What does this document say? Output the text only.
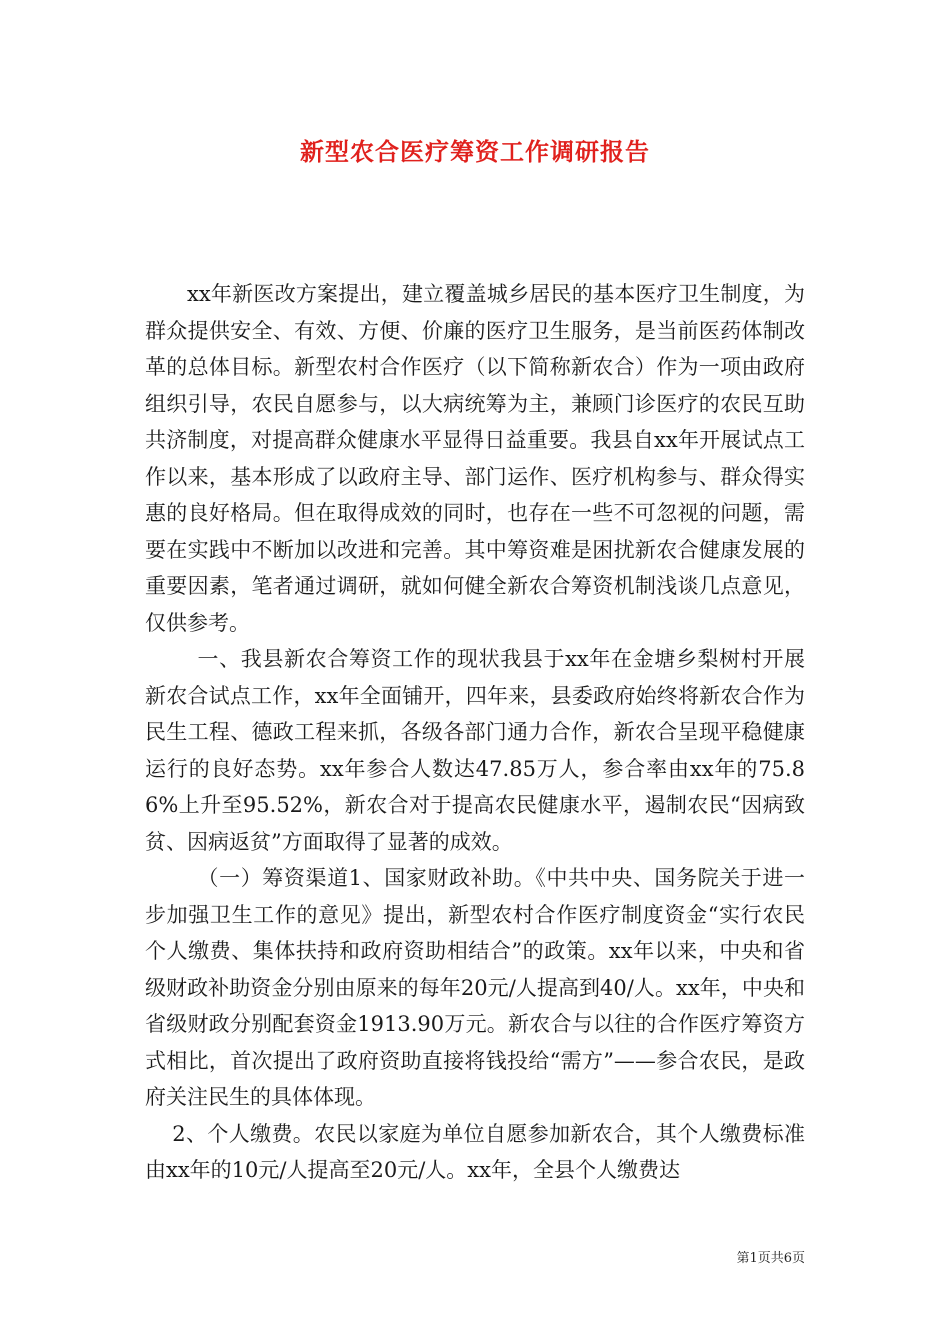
新型农合医疗筹资工作调研报告

xx年新医改方案提出，建立覆盖城乡居民的基本医疗卫生制度，为群众提供安全、有效、方便、价廉的医疗卫生服务，是当前医药体制改革的总体目标。新型农村合作医疗（以下简称新农合）作为一项由政府组织引导，农民自愿参与，以大病统筹为主，兼顾门诊医疗的农民互助共济制度，对提高群众健康水平显得日益重要。我县自xx年开展试点工作以来，基本形成了以政府主导、部门运作、医疗机构参与、群众得实惠的良好格局。但在取得成效的同时，也存在一些不可忽视的问题，需要在实践中不断加以改进和完善。其中筹资难是困扰新农合健康发展的重要因素，笔者通过调研，就如何健全新农合筹资机制浅谈几点意见，仅供参考。

一、我县新农合筹资工作的现状我县于xx年在金塘乡梨树村开展新农合试点工作，xx年全面铺开，四年来，县委政府始终将新农合作为民生工程、德政工程来抓，各级各部门通力合作，新农合呈现平稳健康运行的良好态势。xx年参合人数达47.85万人，参合率由xx年的75.86%上升至95.52%，新农合对于提高农民健康水平，遏制农民“因病致贫、因病返贫”方面取得了显著的成效。

（一）筹资渠道1、国家财政补助。《中共中央、国务院关于进一步加强卫生工作的意见》提出，新型农村合作医疗制度资金“实行农民个人缴费、集体扶持和政府资助相结合”的政策。xx年以来，中央和省级财政补助资金分别由原来的每年20元/人提高到40/人。xx年，中央和省级财政分别配套资金1913.90万元。新农合与以往的合作医疗筹资方式相比，首次提出了政府资助直接将钱投给“需方”——参合农民，是政府关注民生的具体体现。

2、个人缴费。农民以家庭为单位自愿参加新农合，其个人缴费标准由xx年的10元/人提高至20元/人。xx年，全县个人缴费达

第1页共6页
